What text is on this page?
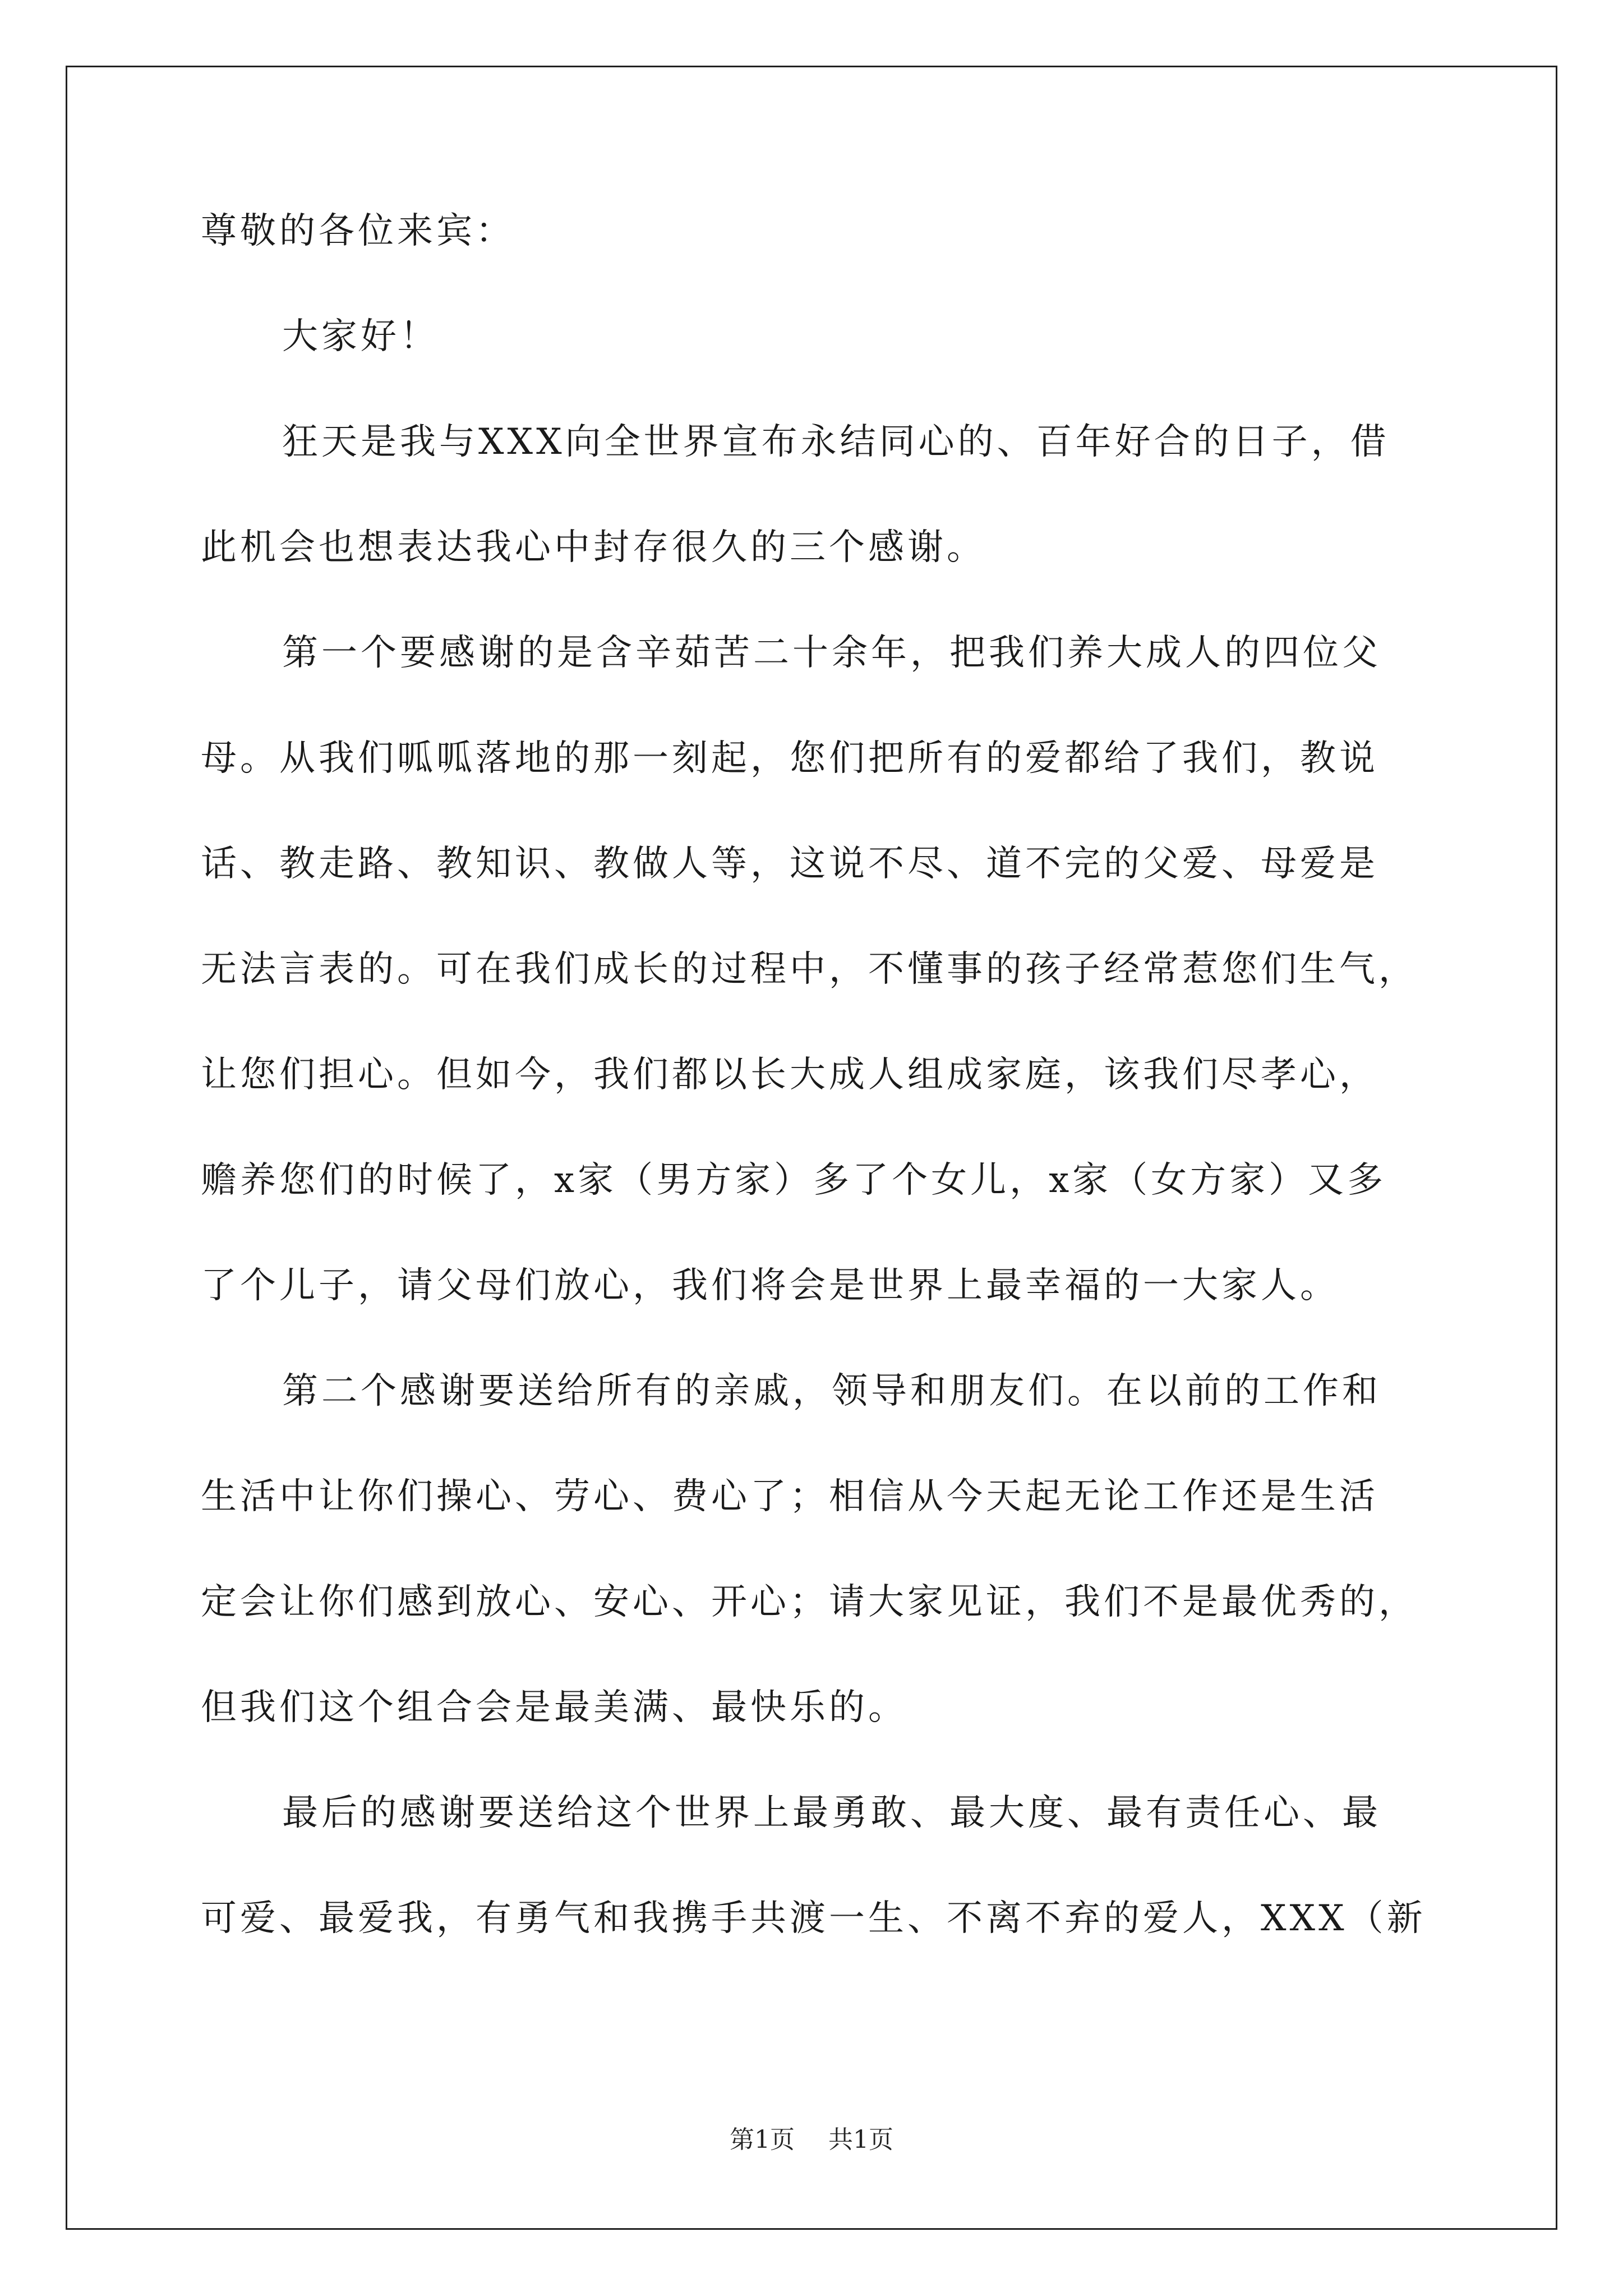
尊敬的各位来宾：

大家好！

狂天是我与XXX向全世界宣布永结同心的、百年好合的日子，借

此机会也想表达我心中封存很久的三个感谢。

第一个要感谢的是含辛茹苦二十余年，把我们养大成人的四位父

母。从我们呱呱落地的那一刻起，您们把所有的爱都给了我们，教说

话、教走路、教知识、教做人等，这说不尽、道不完的父爱、母爱是

无法言表的。可在我们成长的过程中，不懂事的孩子经常惹您们生气，

让您们担心。但如今，我们都以长大成人组成家庭，该我们尽孝心，

赡养您们的时候了，x家（男方家）多了个女儿，x家（女方家）又多

了个儿子，请父母们放心，我们将会是世界上最幸福的一大家人。

第二个感谢要送给所有的亲戚，领导和朋友们。在以前的工作和

生活中让你们操心、劳心、费心了；相信从今天起无论工作还是生活

定会让你们感到放心、安心、开心；请大家见证，我们不是最优秀的，

但我们这个组合会是最美满、最快乐的。

最后的感谢要送给这个世界上最勇敢、最大度、最有责任心、最

可爱、最爱我，有勇气和我携手共渡一生、不离不弃的爱人，XXX（新

第1页 共1页
